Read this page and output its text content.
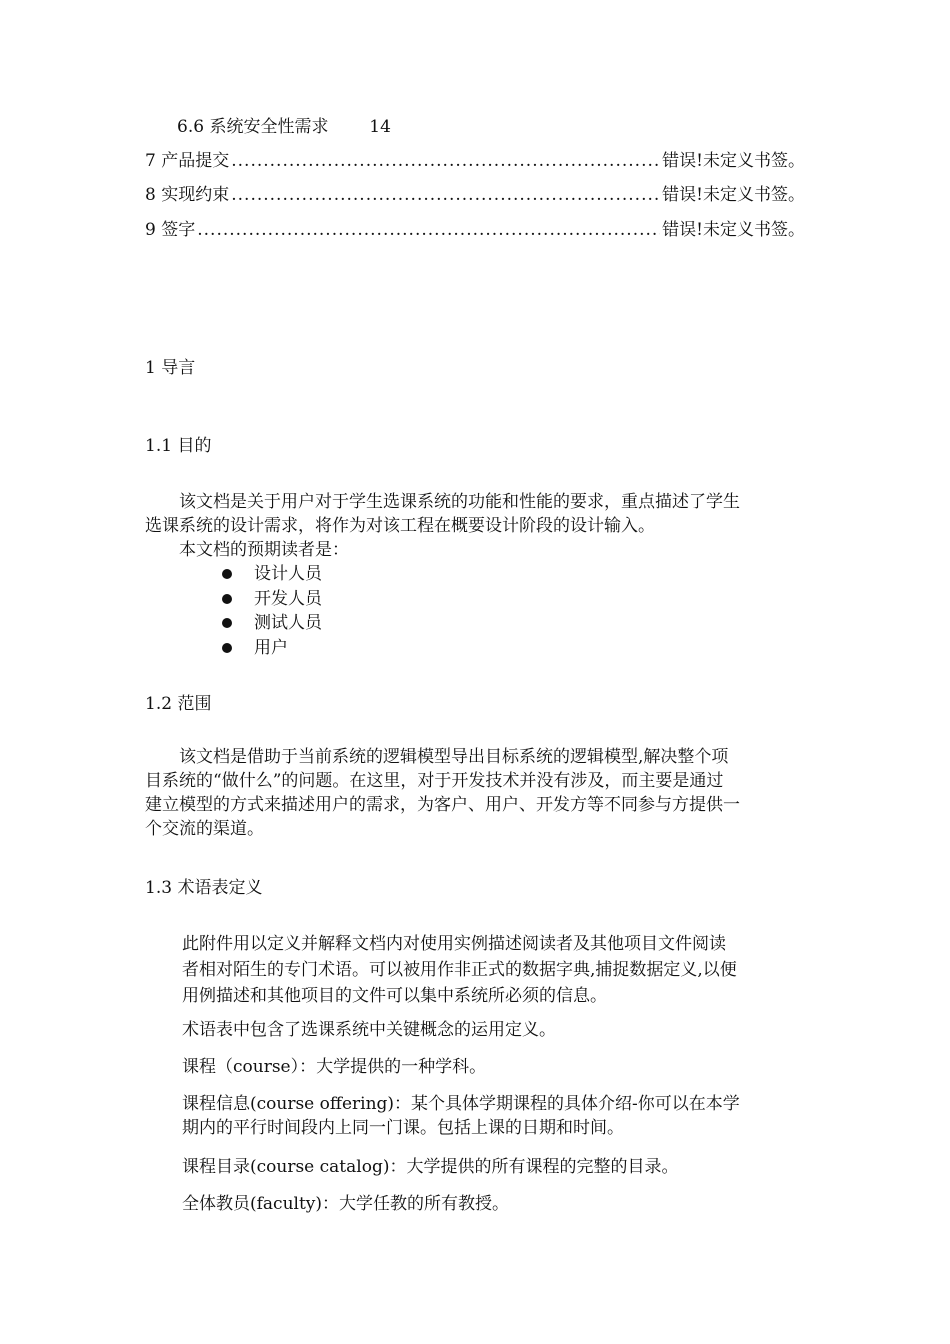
6.6 系统安全性需求 14
7 产品提交 .....	错误!未定义书签。
8 实现约束 .....	错误!未定义书签。
9 签字 .....	错误!未定义书签。
1 导言
1.1 目的
该文档是关于用户对于学生选课系统的功能和性能的要求，重点描述了学生
选课系统的设计需求，将作为对该工程在概要设计阶段的设计输入。
本文档的预期读者是：
设计人员
开发人员
测试人员
用户
1.2 范围
该文档是借助于当前系统的逻辑模型导出目标系统的逻辑模型,解决整个项
目系统的“做什么”的问题。在这里，对于开发技术并没有涉及，而主要是通过
建立模型的方式来描述用户的需求，为客户、用户、开发方等不同参与方提供一
个交流的渠道。
1.3 术语表定义
此附件用以定义并解释文档内对使用实例描述阅读者及其他项目文件阅读
者相对陌生的专门术语。可以被用作非正式的数据字典,捕捉数据定义,以便
用例描述和其他项目的文件可以集中系统所必须的信息。
术语表中包含了选课系统中关键概念的运用定义。
课程（course）：大学提供的一种学科。
课程信息(course offering)：某个具体学期课程的具体介绍-你可以在本学
期内的平行时间段内上同一门课。包括上课的日期和时间。
课程目录(course catalog)：大学提供的所有课程的完整的目录。
全体教员(faculty)：大学任教的所有教授。
